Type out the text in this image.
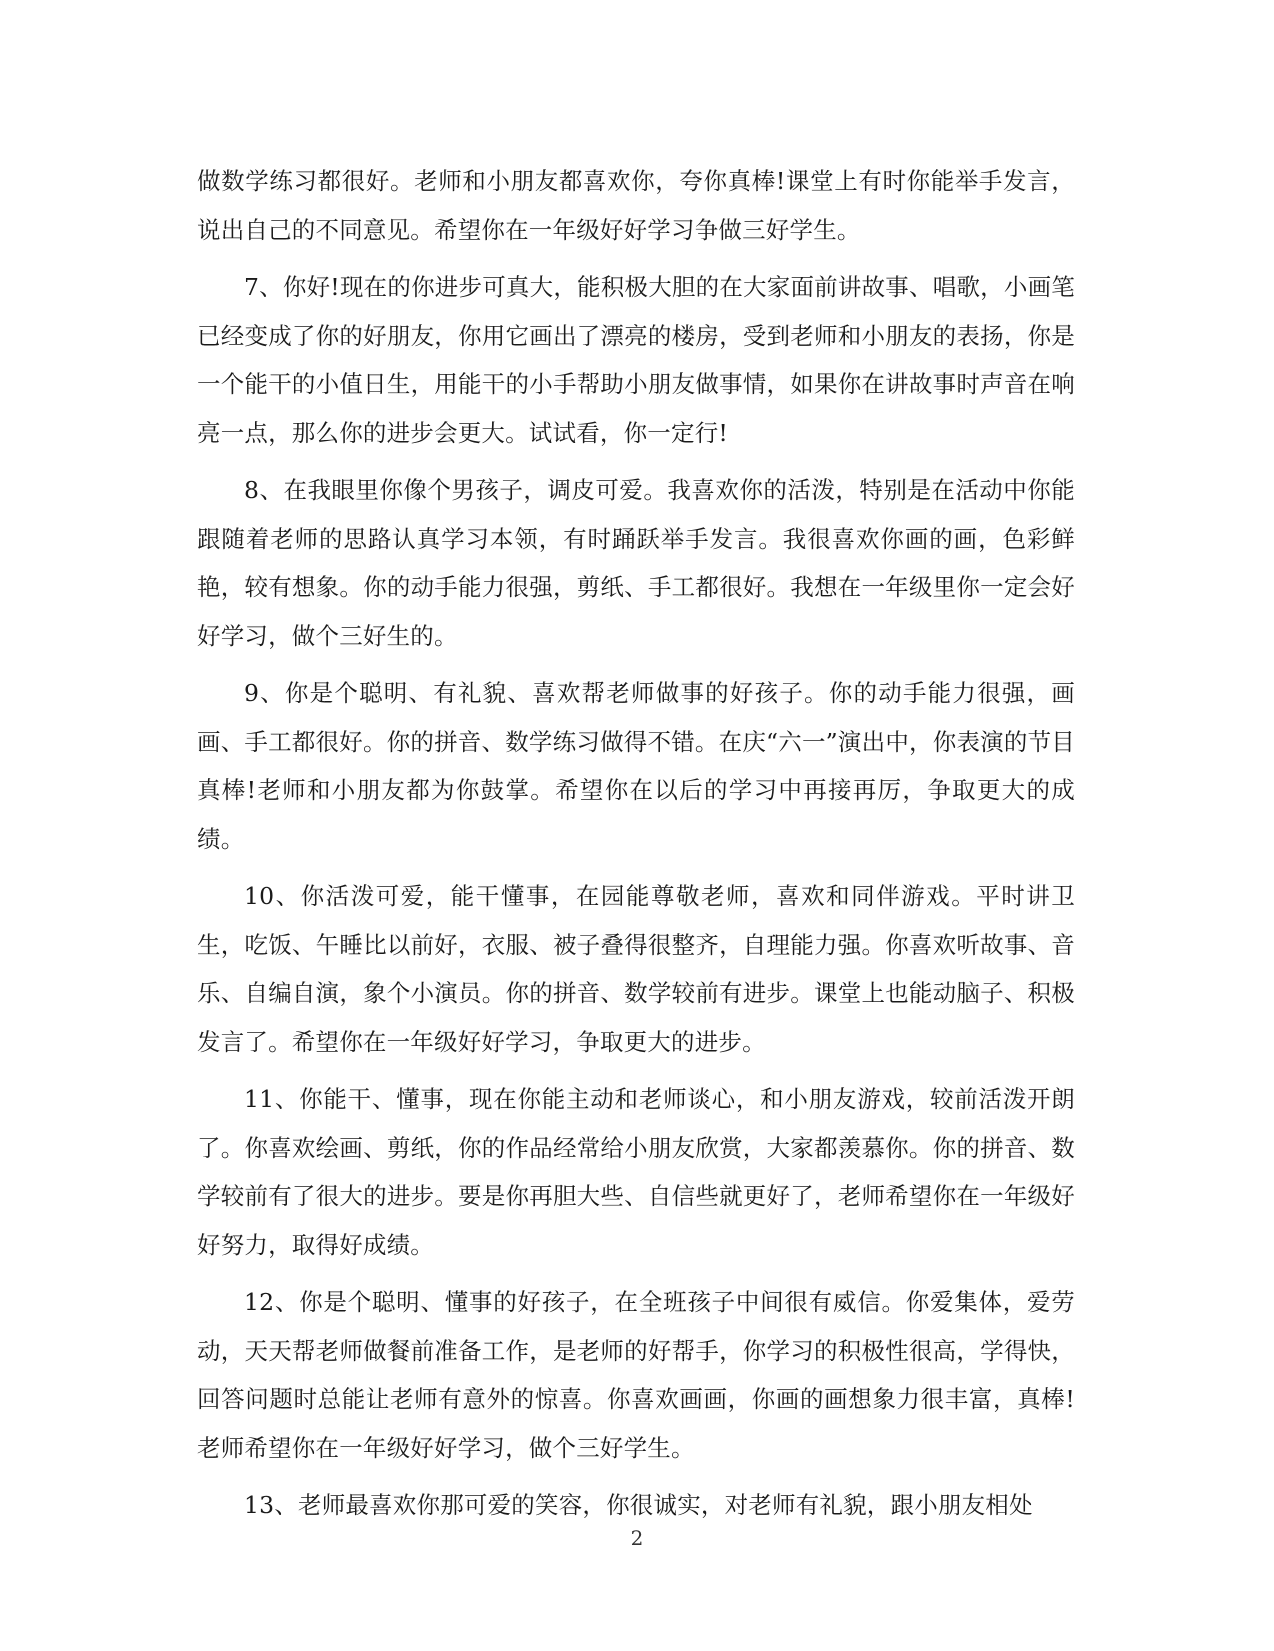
做数学练习都很好。老师和小朋友都喜欢你，夸你真棒!课堂上有时你能举手发言，说出自己的不同意见。希望你在一年级好好学习争做三好学生。

7、你好!现在的你进步可真大，能积极大胆的在大家面前讲故事、唱歌，小画笔已经变成了你的好朋友，你用它画出了漂亮的楼房，受到老师和小朋友的表扬，你是一个能干的小值日生，用能干的小手帮助小朋友做事情，如果你在讲故事时声音在响亮一点，那么你的进步会更大。试试看，你一定行!

8、在我眼里你像个男孩子，调皮可爱。我喜欢你的活泼，特别是在活动中你能跟随着老师的思路认真学习本领，有时踊跃举手发言。我很喜欢你画的画，色彩鲜艳，较有想象。你的动手能力很强，剪纸、手工都很好。我想在一年级里你一定会好好学习，做个三好生的。

9、你是个聪明、有礼貌、喜欢帮老师做事的好孩子。你的动手能力很强，画画、手工都很好。你的拼音、数学练习做得不错。在庆“六一”演出中，你表演的节目真棒!老师和小朋友都为你鼓掌。希望你在以后的学习中再接再厉，争取更大的成绩。

10、你活泼可爱，能干懂事，在园能尊敬老师，喜欢和同伴游戏。平时讲卫生，吃饭、午睡比以前好，衣服、被子叠得很整齐，自理能力强。你喜欢听故事、音乐、自编自演，象个小演员。你的拼音、数学较前有进步。课堂上也能动脑子、积极发言了。希望你在一年级好好学习，争取更大的进步。

11、你能干、懂事，现在你能主动和老师谈心，和小朋友游戏，较前活泼开朗了。你喜欢绘画、剪纸，你的作品经常给小朋友欣赏，大家都羡慕你。你的拼音、数学较前有了很大的进步。要是你再胆大些、自信些就更好了，老师希望你在一年级好好努力，取得好成绩。

12、你是个聪明、懂事的好孩子，在全班孩子中间很有威信。你爱集体，爱劳动，天天帮老师做餐前准备工作，是老师的好帮手，你学习的积极性很高，学得快，回答问题时总能让老师有意外的惊喜。你喜欢画画，你画的画想象力很丰富，真棒!老师希望你在一年级好好学习，做个三好学生。

13、老师最喜欢你那可爱的笑容，你很诚实，对老师有礼貌，跟小朋友相处

2
